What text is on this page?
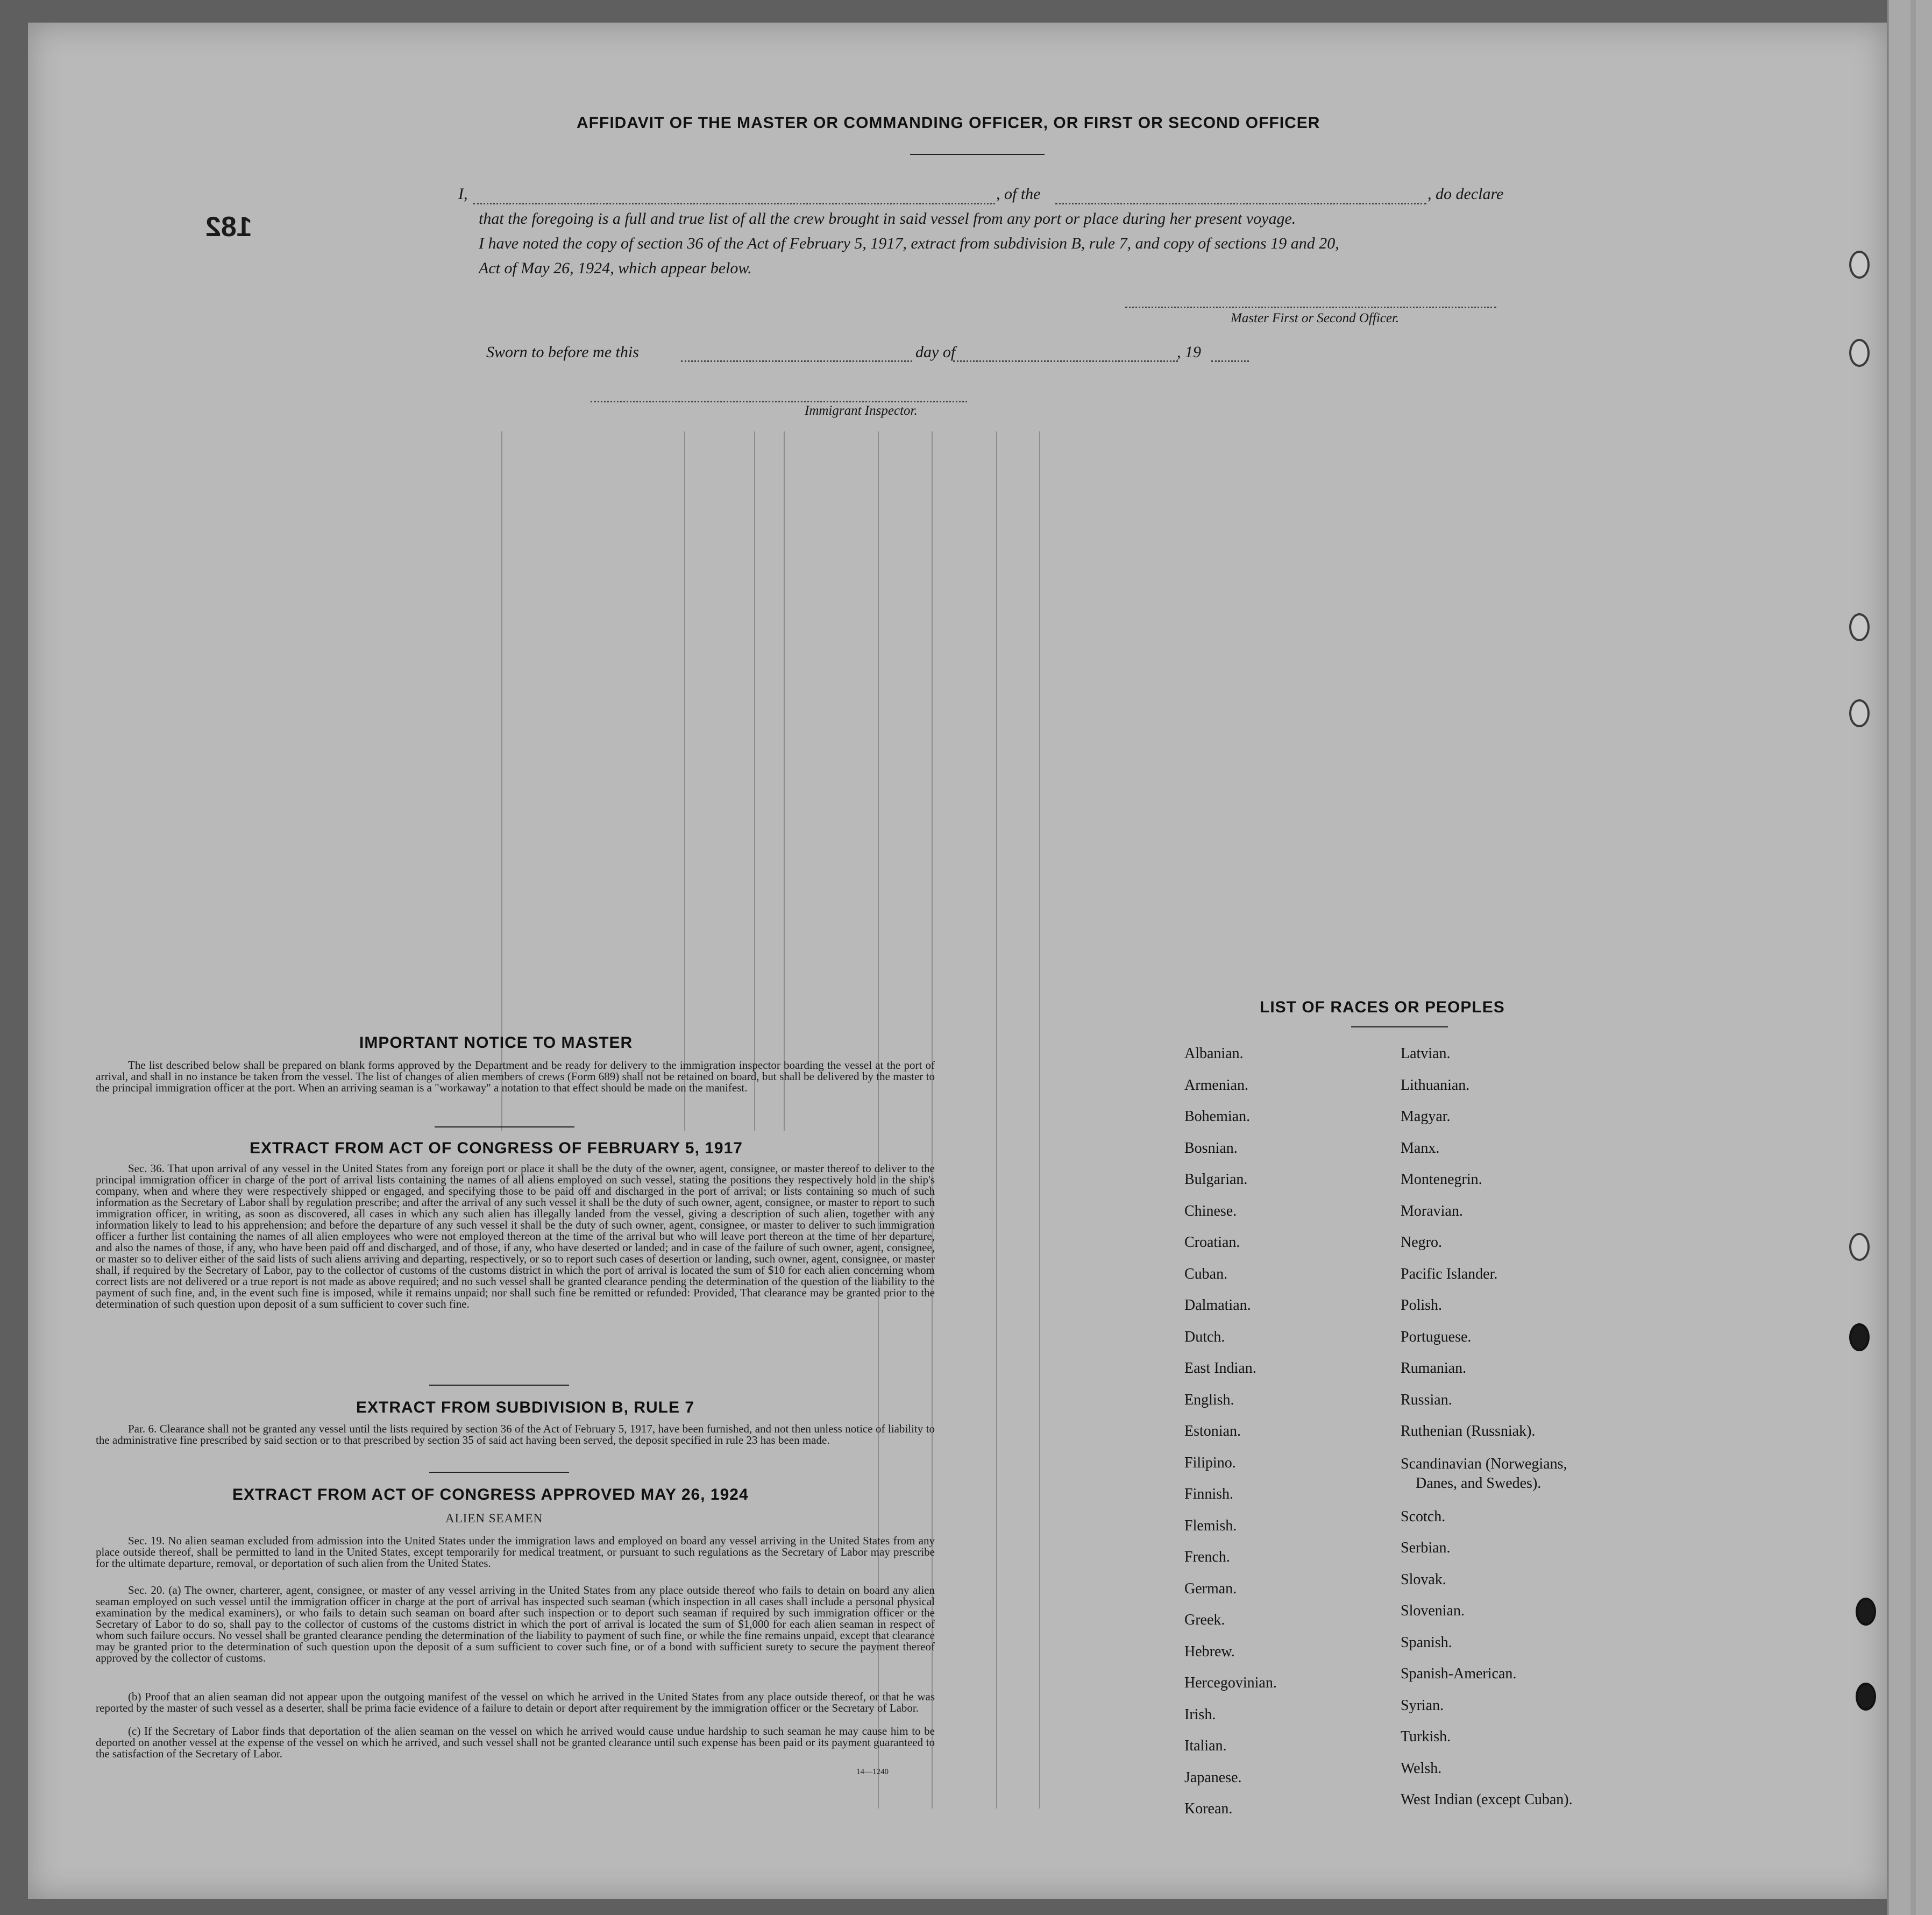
182
AFFIDAVIT OF THE MASTER OR COMMANDING OFFICER, OR FIRST OR SECOND OFFICER
I,	, of the	, do declare
that the foregoing is a full and true list of all the crew brought in said vessel from any port or place during her present voyage.
I have noted the copy of section 36 of the Act of February 5, 1917, extract from subdivision B, rule 7, and copy of sections 19 and 20,
Act of May 26, 1924, which appear below.
Master First or Second Officer.
Sworn to before me this	day of	, 19
Immigrant Inspector.
IMPORTANT NOTICE TO MASTER
The list described below shall be prepared on blank forms approved by the Department and be ready for delivery to the immigration inspector boarding the vessel at the port of arrival, and shall in no instance be taken from the vessel. The list of changes of alien members of crews (Form 689) shall not be retained on board, but shall be delivered by the master to the principal immigration officer at the port. When an arriving seaman is a "workaway" a notation to that effect should be made on the manifest.
EXTRACT FROM ACT OF CONGRESS OF FEBRUARY 5, 1917
Sec. 36. That upon arrival of any vessel in the United States from any foreign port or place it shall be the duty of the owner, agent, consignee, or master thereof to deliver to the principal immigration officer in charge of the port of arrival lists containing the names of all aliens employed on such vessel, stating the positions they respectively hold in the ship's company, when and where they were respectively shipped or engaged, and specifying those to be paid off and discharged in the port of arrival; or lists containing so much of such information as the Secretary of Labor shall by regulation prescribe; and after the arrival of any such vessel it shall be the duty of such owner, agent, consignee, or master to report to such immigration officer, in writing, as soon as discovered, all cases in which any such alien has illegally landed from the vessel, giving a description of such alien, together with any information likely to lead to his apprehension; and before the departure of any such vessel it shall be the duty of such owner, agent, consignee, or master to deliver to such immigration officer a further list containing the names of all alien employees who were not employed thereon at the time of the arrival but who will leave port thereon at the time of her departure, and also the names of those, if any, who have been paid off and discharged, and of those, if any, who have deserted or landed; and in case of the failure of such owner, agent, consignee, or master so to deliver either of the said lists of such aliens arriving and departing, respectively, or so to report such cases of desertion or landing, such owner, agent, consignee, or master shall, if required by the Secretary of Labor, pay to the collector of customs of the customs district in which the port of arrival is located the sum of $10 for each alien concerning whom correct lists are not delivered or a true report is not made as above required; and no such vessel shall be granted clearance pending the determination of the question of the liability to the payment of such fine, and, in the event such fine is imposed, while it remains unpaid; nor shall such fine be remitted or refunded: Provided, That clearance may be granted prior to the determination of such question upon deposit of a sum sufficient to cover such fine.
EXTRACT FROM SUBDIVISION B, RULE 7
Par. 6. Clearance shall not be granted any vessel until the lists required by section 36 of the Act of February 5, 1917, have been furnished, and not then unless notice of liability to the administrative fine prescribed by said section or to that prescribed by section 35 of said act having been served, the deposit specified in rule 23 has been made.
EXTRACT FROM ACT OF CONGRESS APPROVED MAY 26, 1924
ALIEN SEAMEN
Sec. 19. No alien seaman excluded from admission into the United States under the immigration laws and employed on board any vessel arriving in the United States from any place outside thereof, shall be permitted to land in the United States, except temporarily for medical treatment, or pursuant to such regulations as the Secretary of Labor may prescribe for the ultimate departure, removal, or deportation of such alien from the United States.
Sec. 20. (a) The owner, charterer, agent, consignee, or master of any vessel arriving in the United States from any place outside thereof who fails to detain on board any alien seaman employed on such vessel until the immigration officer in charge at the port of arrival has inspected such seaman (which inspection in all cases shall include a personal physical examination by the medical examiners), or who fails to detain such seaman on board after such inspection or to deport such seaman if required by such immigration officer or the Secretary of Labor to do so, shall pay to the collector of customs of the customs district in which the port of arrival is located the sum of $1,000 for each alien seaman in respect of whom such failure occurs. No vessel shall be granted clearance pending the determination of the liability to payment of such fine, or while the fine remains unpaid, except that clearance may be granted prior to the determination of such question upon the deposit of a sum sufficient to cover such fine, or of a bond with sufficient surety to secure the payment thereof approved by the collector of customs.
(b) Proof that an alien seaman did not appear upon the outgoing manifest of the vessel on which he arrived in the United States from any place outside thereof, or that he was reported by the master of such vessel as a deserter, shall be prima facie evidence of a failure to detain or deport after requirement by the immigration officer or the Secretary of Labor.
(c) If the Secretary of Labor finds that deportation of the alien seaman on the vessel on which he arrived would cause undue hardship to such seaman he may cause him to be deported on another vessel at the expense of the vessel on which he arrived, and such vessel shall not be granted clearance until such expense has been paid or its payment guaranteed to the satisfaction of the Secretary of Labor.
14—1240
LIST OF RACES OR PEOPLES
Albanian.
Armenian.
Bohemian.
Bosnian.
Bulgarian.
Chinese.
Croatian.
Cuban.
Dalmatian.
Dutch.
East Indian.
English.
Estonian.
Filipino.
Finnish.
Flemish.
French.
German.
Greek.
Hebrew.
Hercegovinian.
Irish.
Italian.
Japanese.
Korean.
Latvian.
Lithuanian.
Magyar.
Manx.
Montenegrin.
Moravian.
Negro.
Pacific Islander.
Polish.
Portuguese.
Rumanian.
Russian.
Ruthenian (Russniak).
Scandinavian (Norwegians,
Danes, and Swedes).
Scotch.
Serbian.
Slovak.
Slovenian.
Spanish.
Spanish-American.
Syrian.
Turkish.
Welsh.
West Indian (except Cuban).
